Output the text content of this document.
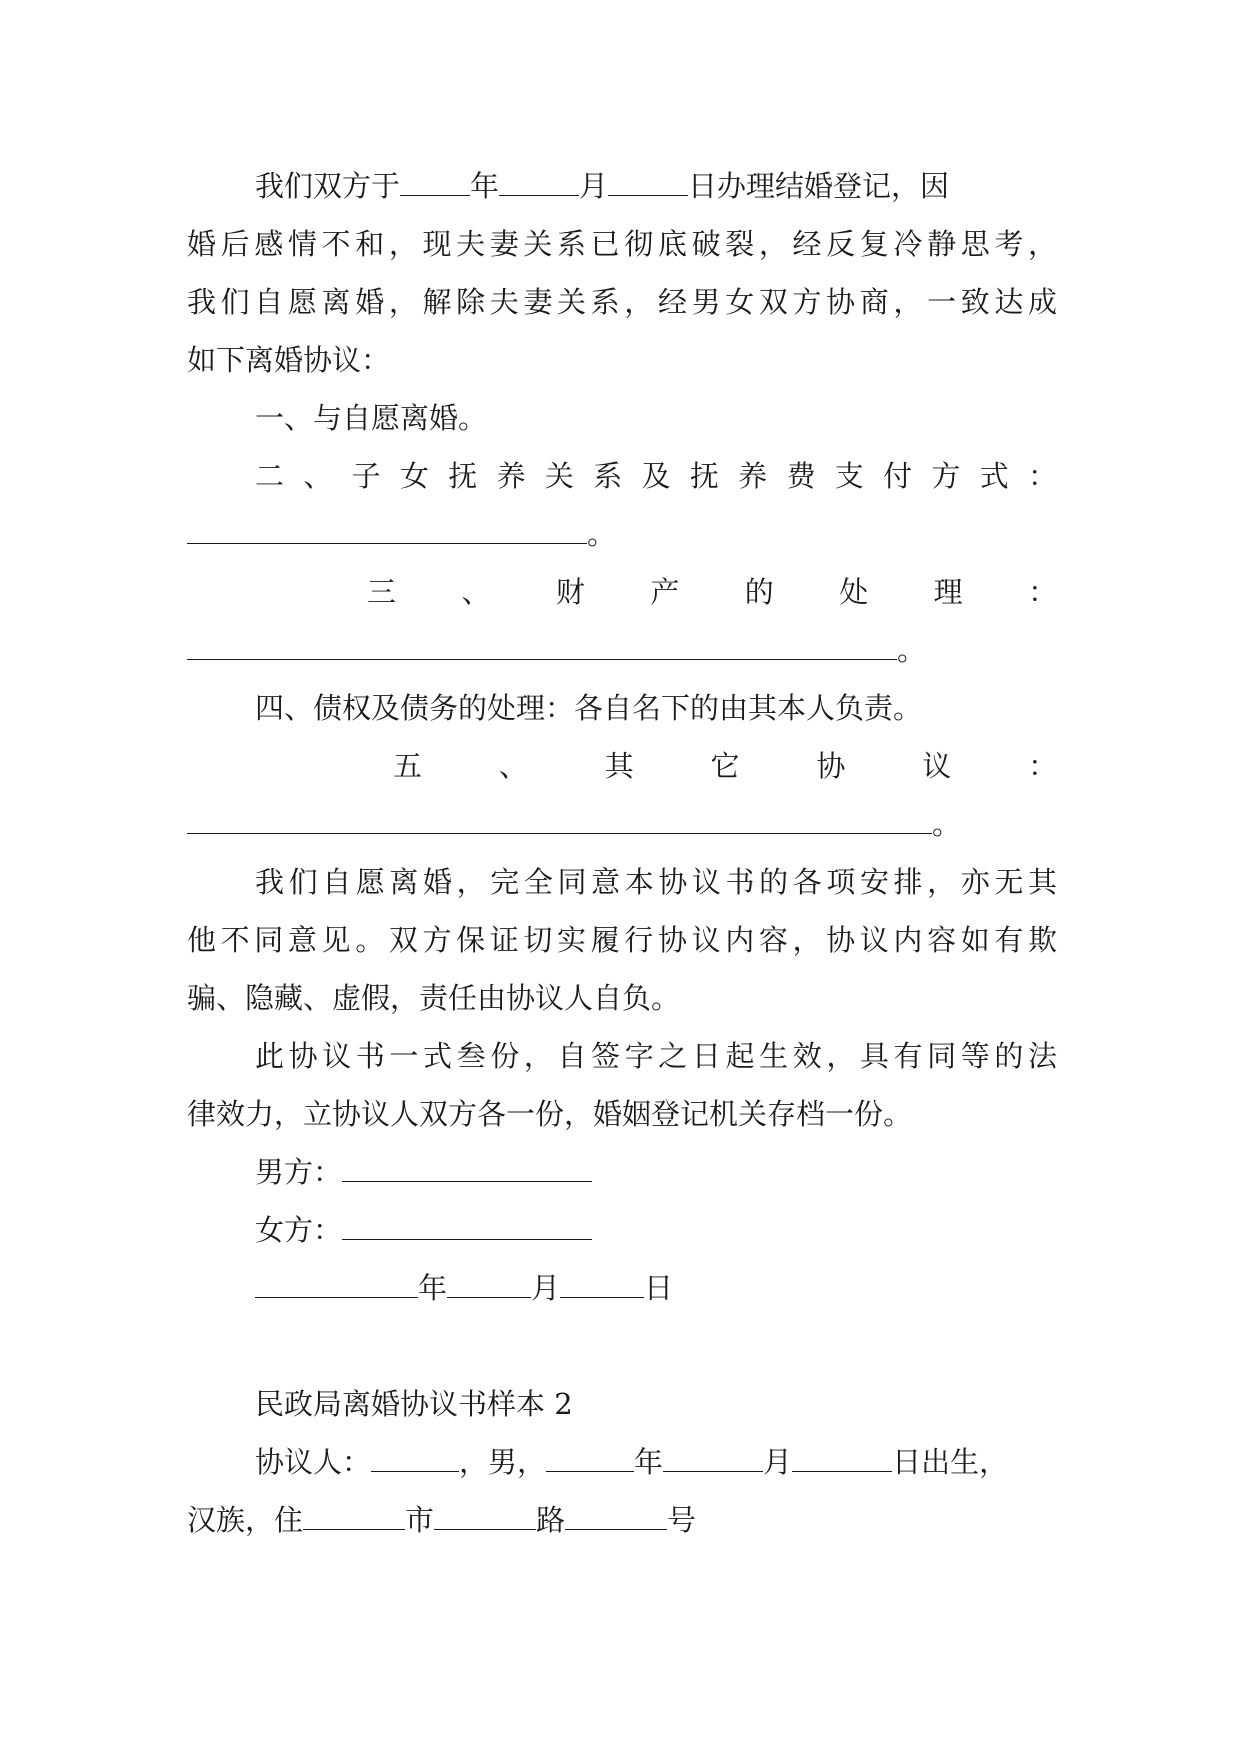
我们双方于 年	月	日办理结婚登记，因
婚后感情不和，现夫妻关系已彻底破裂，经反复冷静思考，
我们自愿离婚，解除夫妻关系，经男女双方协商，一致达成
如下离婚协议：
一、与自愿离婚。
二 、 子 女 抚 养 关 系 及 抚 养 费 支 付 方 式 ：
。
三 、 财 产 的 处 理 ：
。
四、债权及债务的处理：各自名下的由其本人负责。
五 、 其 它 协 议 ：
。
我们自愿离婚，完全同意本协议书的各项安排，亦无其
他不同意见。双方保证切实履行协议内容，协议内容如有欺
骗、隐藏、虚假，责任由协议人自负。
此协议书一式叁份，自签字之日起生效，具有同等的法
律效力，立协议人双方各一份，婚姻登记机关存档一份。
男方：
女方：
年	月	日
民政局离婚协议书样本 2
协议人：	，男，	年	月	日出生，
汉族，住	市	路	号
